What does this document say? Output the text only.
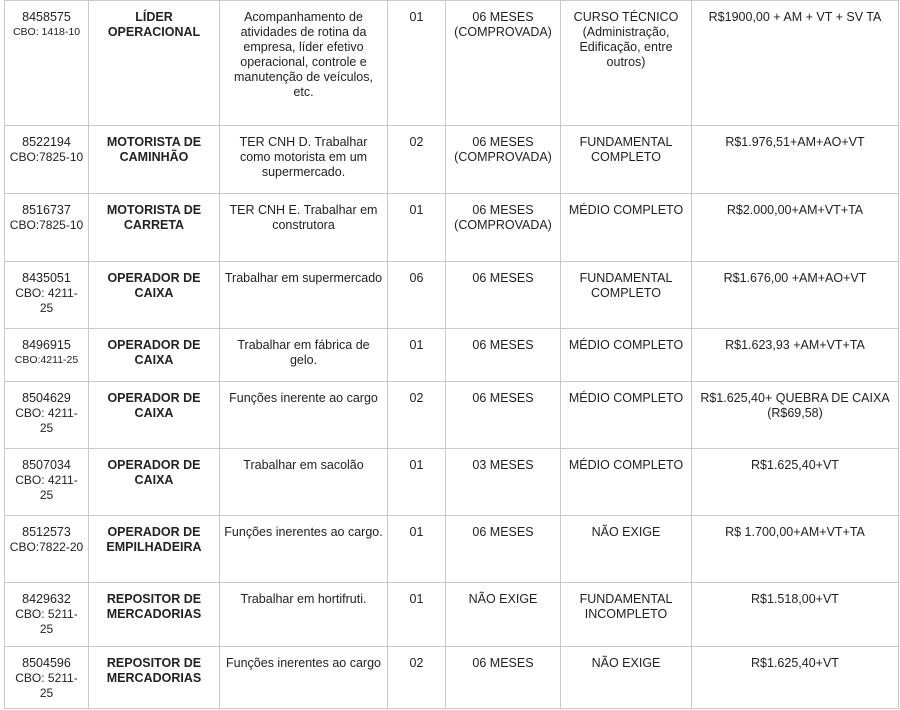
8458575
CBO: 1418-10	LÍDER OPERACIONAL	Acompanhamento de atividades de rotina da empresa, líder efetivo operacional, controle e manutenção de veículos, etc.	01	06 MESES (COMPROVADA)	CURSO TÉCNICO (Administração, Edificação, entre outros)	R$1900,00 + AM + VT + SV TA

8522194
CBO:7825-10	MOTORISTA DE CAMINHÃO	TER CNH D. Trabalhar como motorista em um supermercado.	02	06 MESES (COMPROVADA)	FUNDAMENTAL COMPLETO	R$1.976,51+AM+AO+VT

8516737
CBO:7825-10	MOTORISTA DE CARRETA	TER CNH E. Trabalhar em construtora	01	06 MESES (COMPROVADA)	MÉDIO COMPLETO	R$2.000,00+AM+VT+TA

8435051
CBO: 4211-25	OPERADOR DE CAIXA	Trabalhar em supermercado	06	06 MESES	FUNDAMENTAL COMPLETO	R$1.676,00 +AM+AO+VT

8496915
CBO:4211-25	OPERADOR DE CAIXA	Trabalhar em fábrica de gelo.	01	06 MESES	MÉDIO COMPLETO	R$1.623,93 +AM+VT+TA

8504629
CBO: 4211-25	OPERADOR DE CAIXA	Funções inerente ao cargo	02	06 MESES	MÉDIO COMPLETO	R$1.625,40+ QUEBRA DE CAIXA (R$69,58)

8507034
CBO: 4211-25	OPERADOR DE CAIXA	Trabalhar em sacolão	01	03 MESES	MÉDIO COMPLETO	R$1.625,40+VT

8512573
CBO:7822-20	OPERADOR DE EMPILHADEIRA	Funções inerentes ao cargo.	01	06 MESES	NÃO EXIGE	R$ 1.700,00+AM+VT+TA

8429632
CBO: 5211-25	REPOSITOR DE MERCADORIAS	Trabalhar em hortifruti.	01	NÃO EXIGE	FUNDAMENTAL INCOMPLETO	R$1.518,00+VT

8504596
CBO: 5211-25	REPOSITOR DE MERCADORIAS	Funções inerentes ao cargo	02	06 MESES	NÃO EXIGE	R$1.625,40+VT
